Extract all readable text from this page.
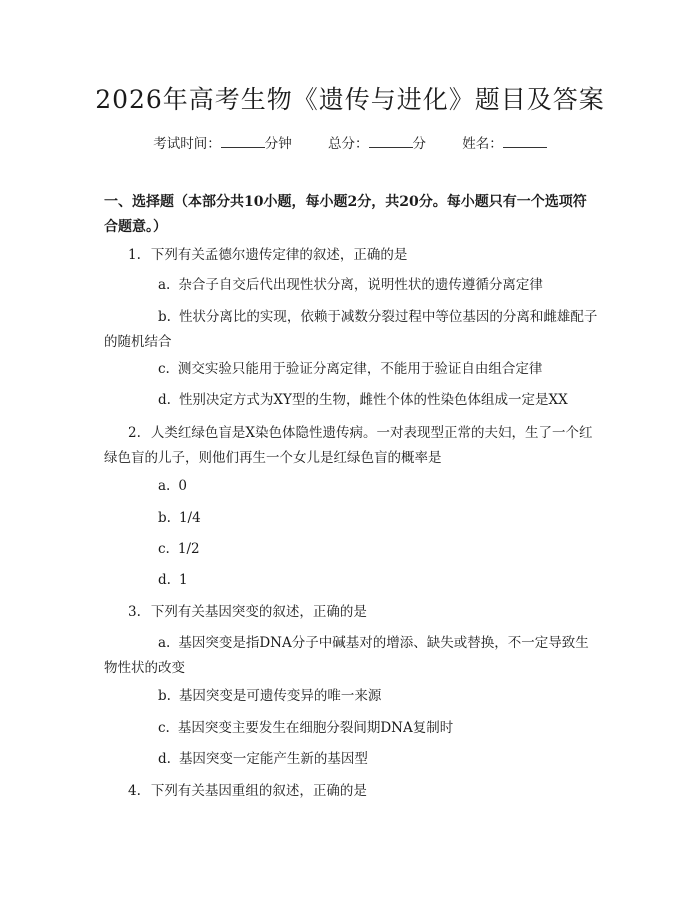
2026年高考生物《遗传与进化》题目及答案
考试时间：	分钟	总分：	分	姓名：
一、选择题（本部分共10小题，每小题2分，共20分。每小题只有一个选项符合题意。）
1. 下列有关孟德尔遗传定律的叙述，正确的是
a. 杂合子自交后代出现性状分离，说明性状的遗传遵循分离定律
b. 性状分离比的实现，依赖于减数分裂过程中等位基因的分离和雌雄配子的随机结合
c. 测交实验只能用于验证分离定律，不能用于验证自由组合定律
d. 性别决定方式为XY型的生物，雌性个体的性染色体组成一定是XX
2. 人类红绿色盲是X染色体隐性遗传病。一对表现型正常的夫妇，生了一个红绿色盲的儿子，则他们再生一个女儿是红绿色盲的概率是
a. 0
b. 1/4
c. 1/2
d. 1
3. 下列有关基因突变的叙述，正确的是
a. 基因突变是指DNA分子中碱基对的增添、缺失或替换，不一定导致生物性状的改变
b. 基因突变是可遗传变异的唯一来源
c. 基因突变主要发生在细胞分裂间期DNA复制时
d. 基因突变一定能产生新的基因型
4. 下列有关基因重组的叙述，正确的是
